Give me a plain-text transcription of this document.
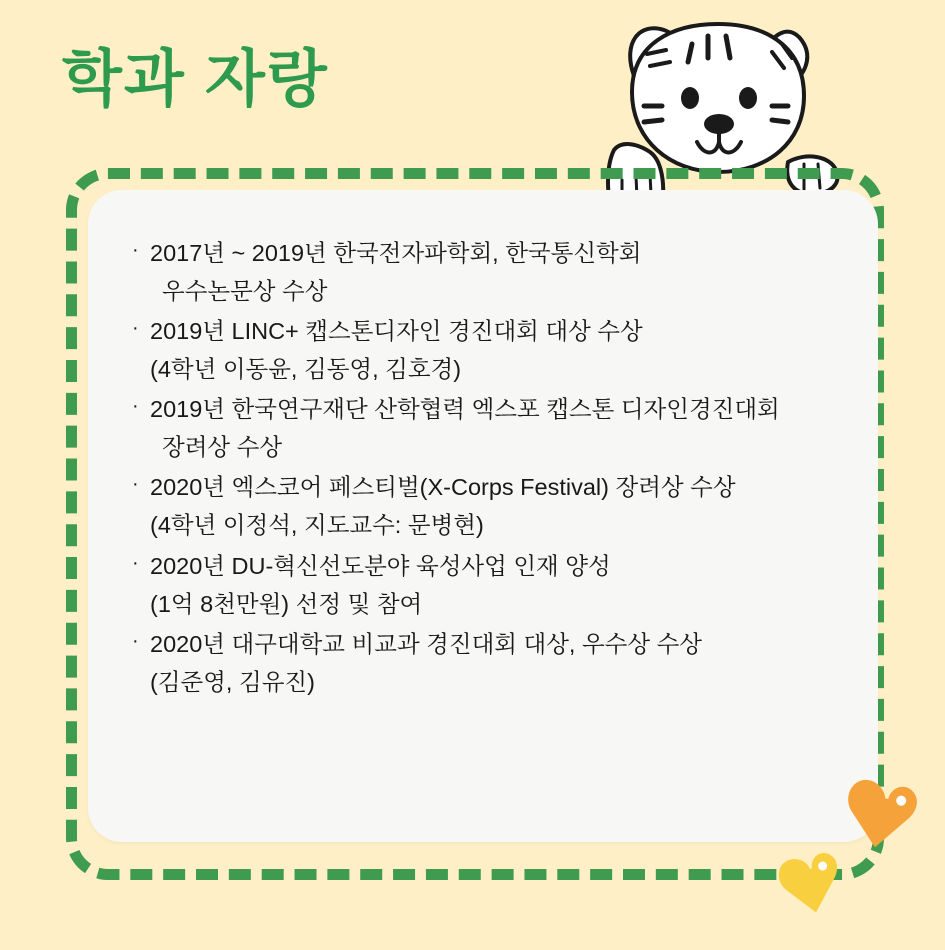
학과 자랑
· 2017년 ~ 2019년 한국전자파학회, 한국통신학회
우수논문상 수상
· 2019년 LINC+ 캡스톤디자인 경진대회 대상 수상
(4학년 이동윤, 김동영, 김호경)
· 2019년 한국연구재단 산학협력 엑스포 캡스톤 디자인경진대회
장려상 수상
· 2020년 엑스코어 페스티벌(X-Corps Festival) 장려상 수상
(4학년 이정석, 지도교수: 문병현)
· 2020년 DU-혁신선도분야 육성사업 인재 양성
(1억 8천만원) 선정 및 참여
· 2020년 대구대학교 비교과 경진대회 대상, 우수상 수상
(김준영, 김유진)
